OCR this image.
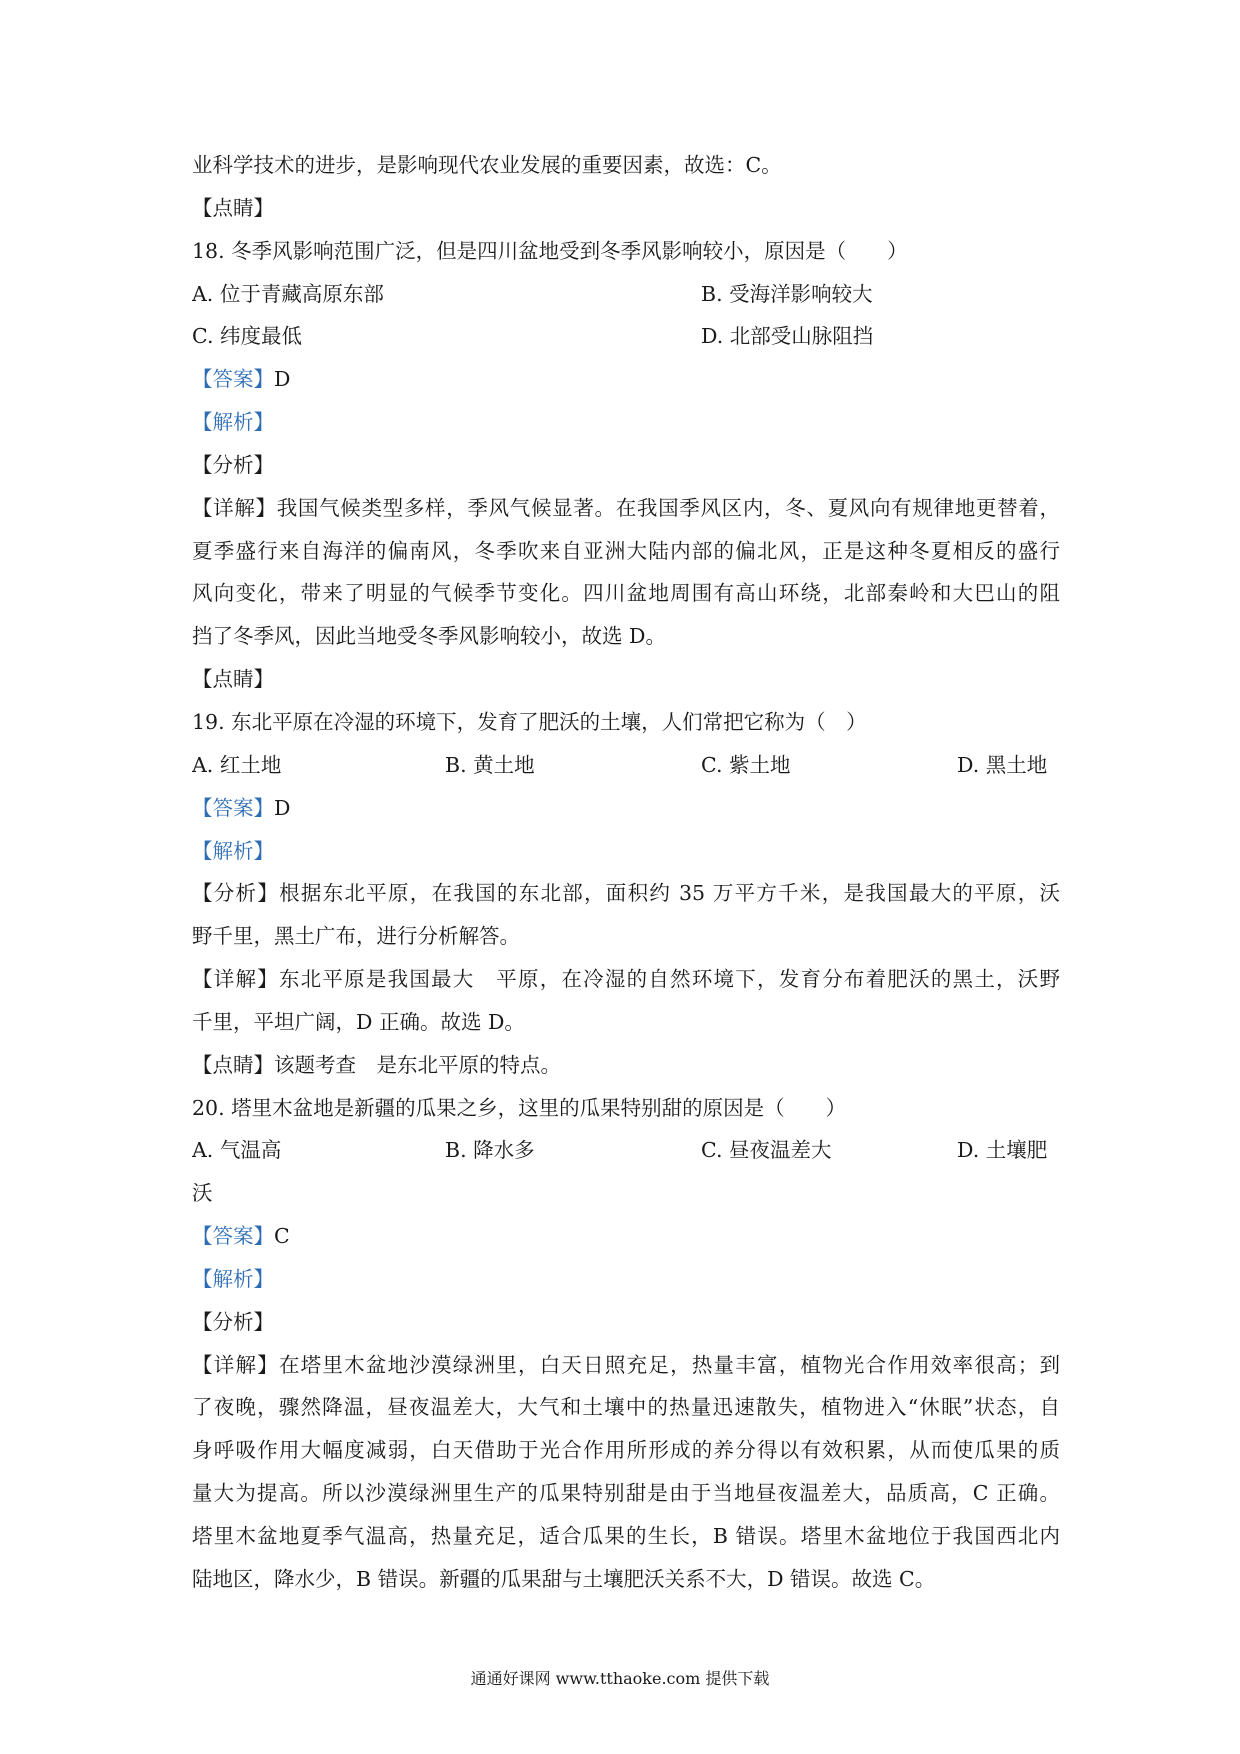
业科学技术的进步，是影响现代农业发展的重要因素，故选：C。
【点睛】
18. 冬季风影响范围广泛，但是四川盆地受到冬季风影响较小，原因是（　　）
A. 位于青藏高原东部	B. 受海洋影响较大
C. 纬度最低	D. 北部受山脉阻挡
【答案】D
【解析】
【分析】
【详解】我国气候类型多样，季风气候显著。在我国季风区内，冬、夏风向有规律地更替着，
夏季盛行来自海洋的偏南风，冬季吹来自亚洲大陆内部的偏北风，正是这种冬夏相反的盛行
风向变化，带来了明显的气候季节变化。四川盆地周围有高山环绕，北部秦岭和大巴山的阻
挡了冬季风，因此当地受冬季风影响较小，故选 D。
【点睛】
19. 东北平原在冷湿的环境下，发育了肥沃的土壤，人们常把它称为（　）
A. 红土地	B. 黄土地	C. 紫土地	D. 黑土地
【答案】D
【解析】
【分析】根据东北平原，在我国的东北部，面积约 35 万平方千米，是我国最大的平原，沃
野千里，黑土广布，进行分析解答。
【详解】东北平原是我国最大　平原，在冷湿的自然环境下，发育分布着肥沃的黑土，沃野
千里，平坦广阔，D 正确。故选 D。
【点睛】该题考查　是东北平原的特点。
20. 塔里木盆地是新疆的瓜果之乡，这里的瓜果特别甜的原因是（　　）
A. 气温高	B. 降水多	C. 昼夜温差大	D. 土壤肥
沃
【答案】C
【解析】
【分析】
【详解】在塔里木盆地沙漠绿洲里，白天日照充足，热量丰富，植物光合作用效率很高；到
了夜晚，骤然降温，昼夜温差大，大气和土壤中的热量迅速散失，植物进入“休眠”状态，自
身呼吸作用大幅度减弱，白天借助于光合作用所形成的养分得以有效积累，从而使瓜果的质
量大为提高。所以沙漠绿洲里生产的瓜果特别甜是由于当地昼夜温差大，品质高，C 正确。
塔里木盆地夏季气温高，热量充足，适合瓜果的生长，B 错误。塔里木盆地位于我国西北内
陆地区，降水少，B 错误。新疆的瓜果甜与土壤肥沃关系不大，D 错误。故选 C。
通通好课网 www.tthaoke.com 提供下载
